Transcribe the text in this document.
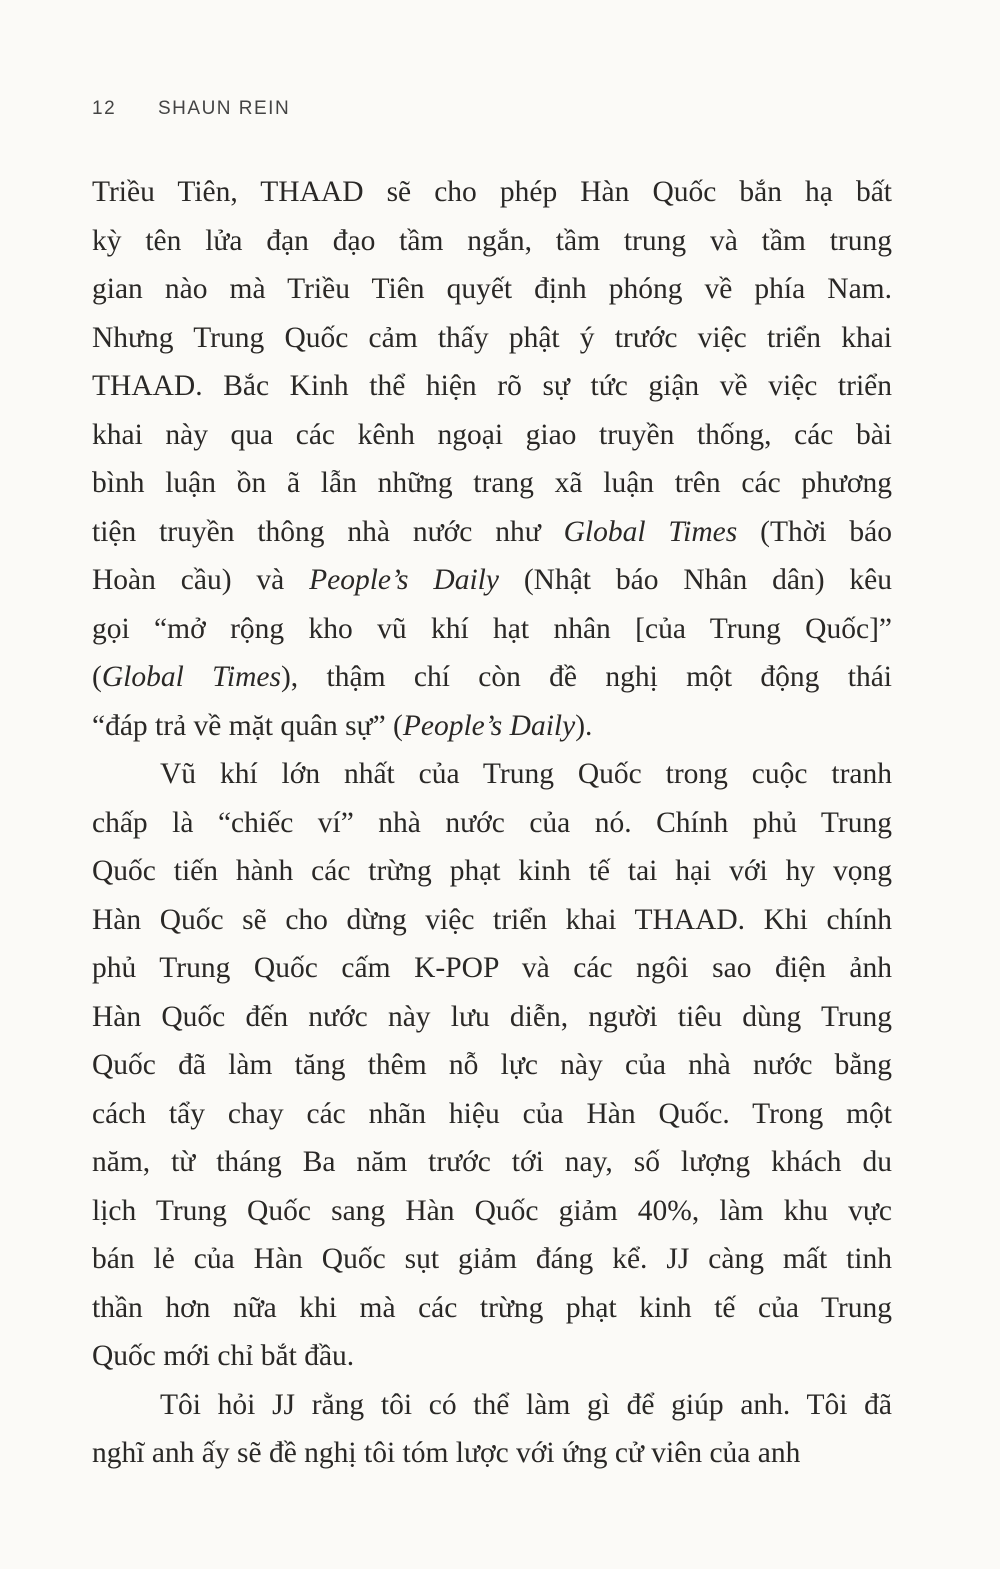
12 SHAUN REIN
Triều Tiên, THAAD sẽ cho phép Hàn Quốc bắn hạ bất
kỳ tên lửa đạn đạo tầm ngắn, tầm trung và tầm trung
gian nào mà Triều Tiên quyết định phóng về phía Nam.
Nhưng Trung Quốc cảm thấy phật ý trước việc triển khai
THAAD. Bắc Kinh thể hiện rõ sự tức giận về việc triển
khai này qua các kênh ngoại giao truyền thống, các bài
bình luận ồn ã lẫn những trang xã luận trên các phương
tiện truyền thông nhà nước như Global Times (Thời báo
Hoàn cầu) và People’s Daily (Nhật báo Nhân dân) kêu
gọi “mở rộng kho vũ khí hạt nhân [của Trung Quốc]”
(Global Times), thậm chí còn đề nghị một động thái
“đáp trả về mặt quân sự” (People’s Daily).
Vũ khí lớn nhất của Trung Quốc trong cuộc tranh
chấp là “chiếc ví” nhà nước của nó. Chính phủ Trung
Quốc tiến hành các trừng phạt kinh tế tai hại với hy vọng
Hàn Quốc sẽ cho dừng việc triển khai THAAD. Khi chính
phủ Trung Quốc cấm K-POP và các ngôi sao điện ảnh
Hàn Quốc đến nước này lưu diễn, người tiêu dùng Trung
Quốc đã làm tăng thêm nỗ lực này của nhà nước bằng
cách tẩy chay các nhãn hiệu của Hàn Quốc. Trong một
năm, từ tháng Ba năm trước tới nay, số lượng khách du
lịch Trung Quốc sang Hàn Quốc giảm 40%, làm khu vực
bán lẻ của Hàn Quốc sụt giảm đáng kể. JJ càng mất tinh
thần hơn nữa khi mà các trừng phạt kinh tế của Trung
Quốc mới chỉ bắt đầu.
Tôi hỏi JJ rằng tôi có thể làm gì để giúp anh. Tôi đã
nghĩ anh ấy sẽ đề nghị tôi tóm lược với ứng cử viên của anh
